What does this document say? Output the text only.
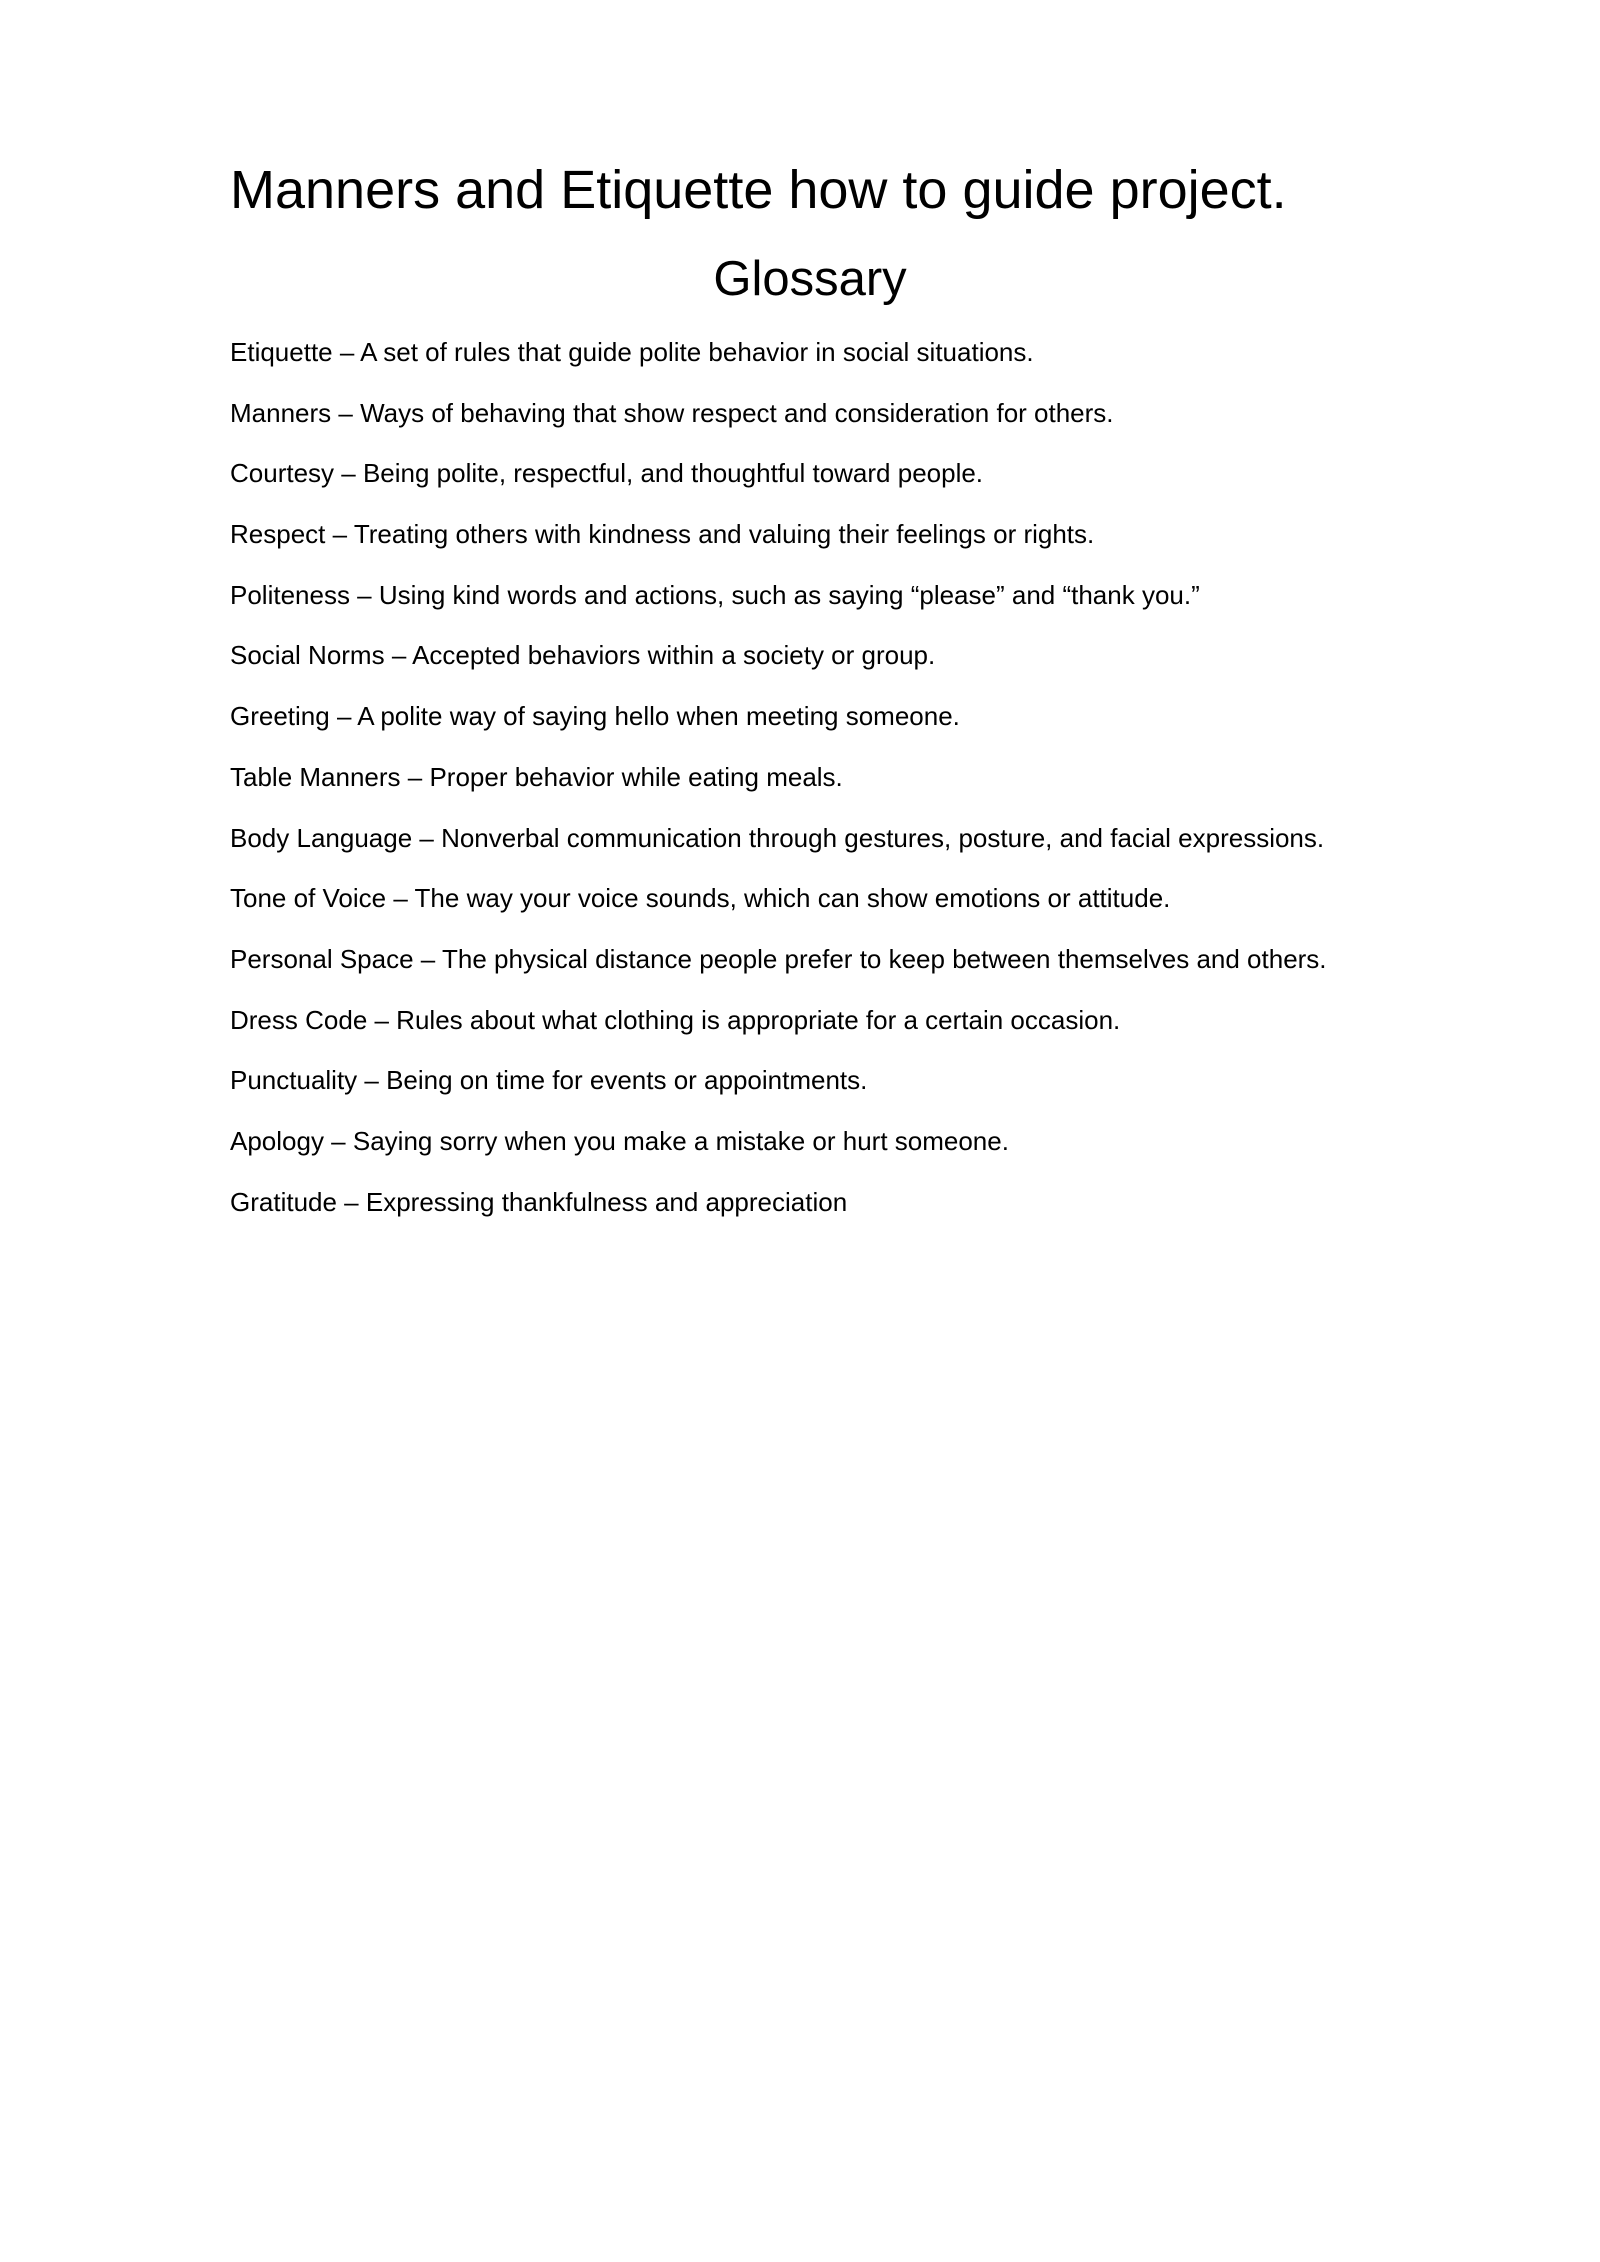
Manners and Etiquette how to guide project.
Glossary
Etiquette – A set of rules that guide polite behavior in social situations.
Manners – Ways of behaving that show respect and consideration for others.
Courtesy – Being polite, respectful, and thoughtful toward people.
Respect – Treating others with kindness and valuing their feelings or rights.
Politeness – Using kind words and actions, such as saying “please” and “thank you.”
Social Norms – Accepted behaviors within a society or group.
Greeting – A polite way of saying hello when meeting someone.
Table Manners – Proper behavior while eating meals.
Body Language – Nonverbal communication through gestures, posture, and facial expressions.
Tone of Voice – The way your voice sounds, which can show emotions or attitude.
Personal Space – The physical distance people prefer to keep between themselves and others.
Dress Code – Rules about what clothing is appropriate for a certain occasion.
Punctuality – Being on time for events or appointments.
Apology – Saying sorry when you make a mistake or hurt someone.
Gratitude – Expressing thankfulness and appreciation
